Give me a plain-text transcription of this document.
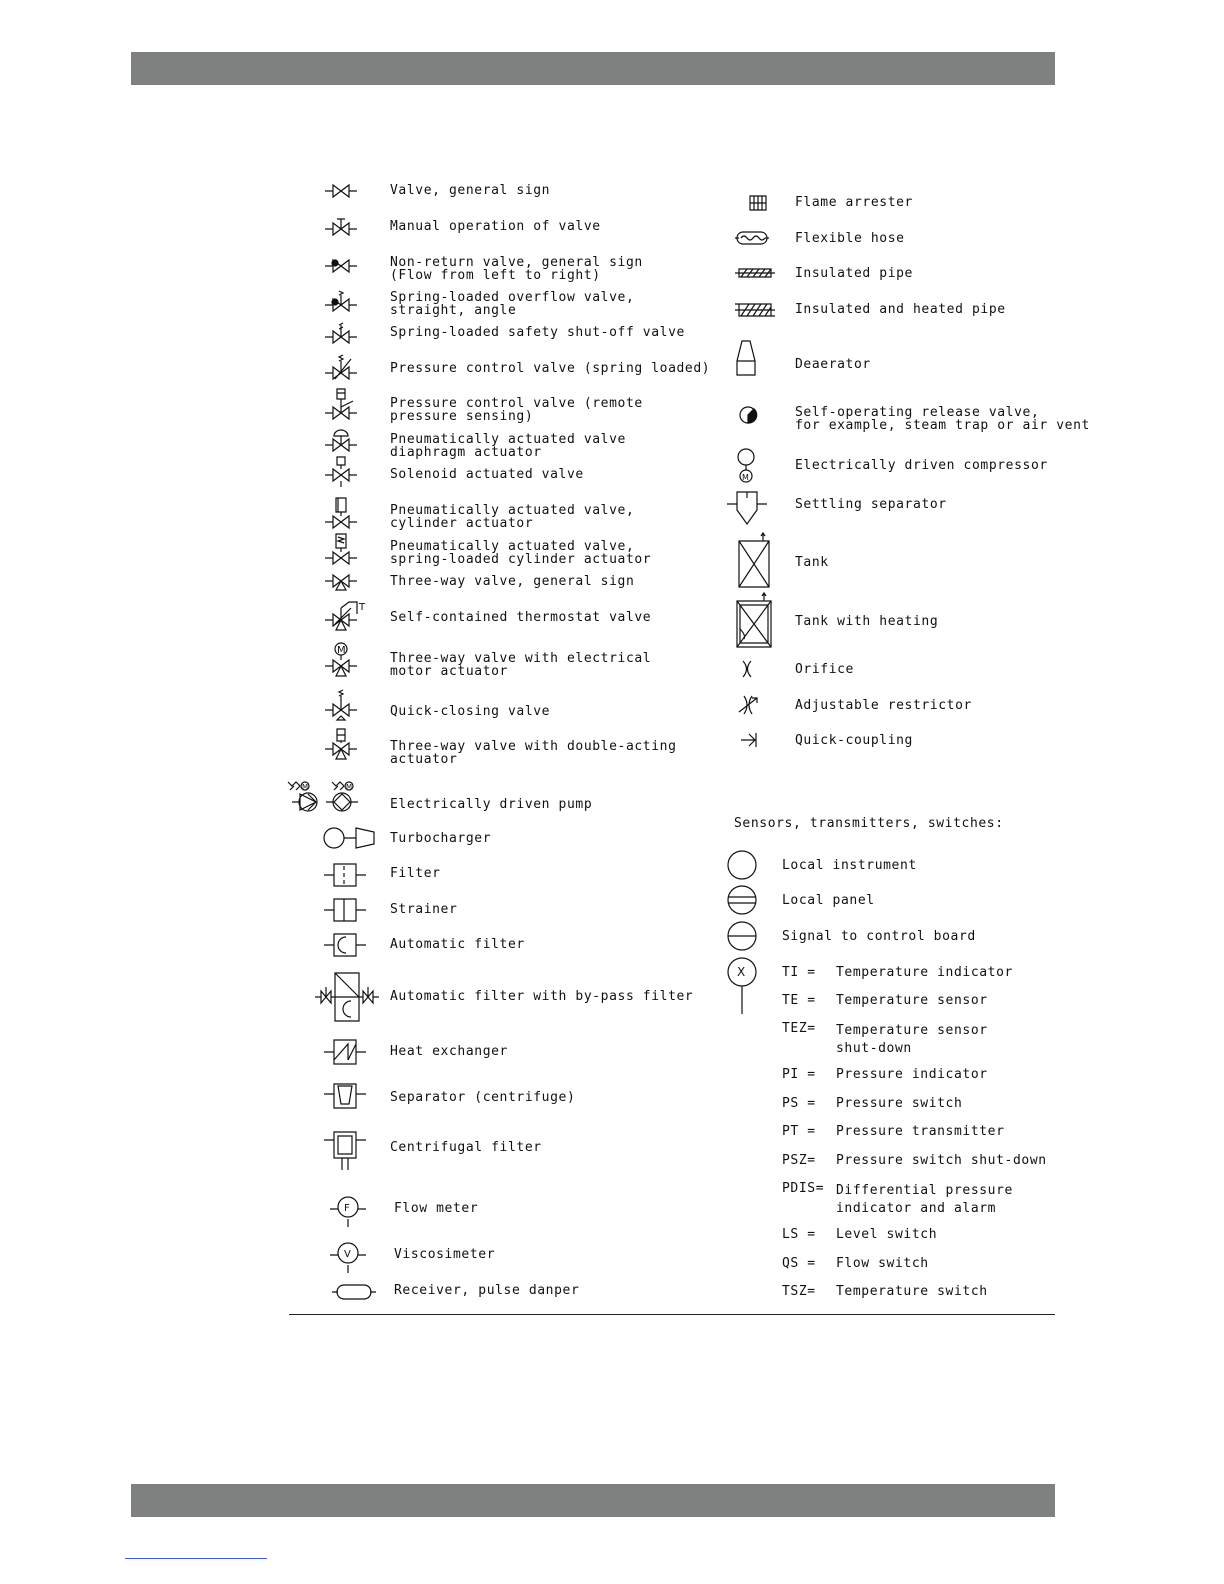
Valve, general sign
Manual operation of valve
Non-return valve, general sign
(Flow from left to right)
Spring-loaded overflow valve,
straight, angle
Spring-loaded safety shut-off valve
Pressure control valve (spring loaded)
Pressure control valve (remote
pressure sensing)
Pneumatically actuated valve
diaphragm actuator
Solenoid actuated valve
Pneumatically actuated valve,
cylinder actuator
Pneumatically actuated valve,
spring-loaded cylinder actuator
Three-way valve, general sign
Self-contained thermostat valve
Three-way valve with electrical
motor actuator
Quick-closing valve
Three-way valve with double-acting
actuator
Electrically driven pump
Turbocharger
Filter
Strainer
Automatic filter
Automatic filter with by-pass filter
Heat exchanger
Separator (centrifuge)
Centrifugal filter
Flow meter
Viscosimeter
Receiver, pulse danper
Flame arrester
Flexible hose
Insulated pipe
Insulated and heated pipe
Deaerator
Self-operating release valve,
for example, steam trap or air vent
Electrically driven compressor
Settling separator
Tank
Tank with heating
Orifice
Adjustable restrictor
Quick-coupling
Sensors, transmitters, switches:
Local instrument
Local panel
Signal to control board
TI = Temperature indicator
TE = Temperature sensor
TEZ= Temperature sensor
shut-down
PI = Pressure indicator
PS = Pressure switch
PT = Pressure transmitter
PSZ= Pressure switch shut-down
PDIS= Differential pressure
indicator and alarm
LS = Level switch
QS = Flow switch
TSZ= Temperature switch
T
M
M	M
F
V
M
X
